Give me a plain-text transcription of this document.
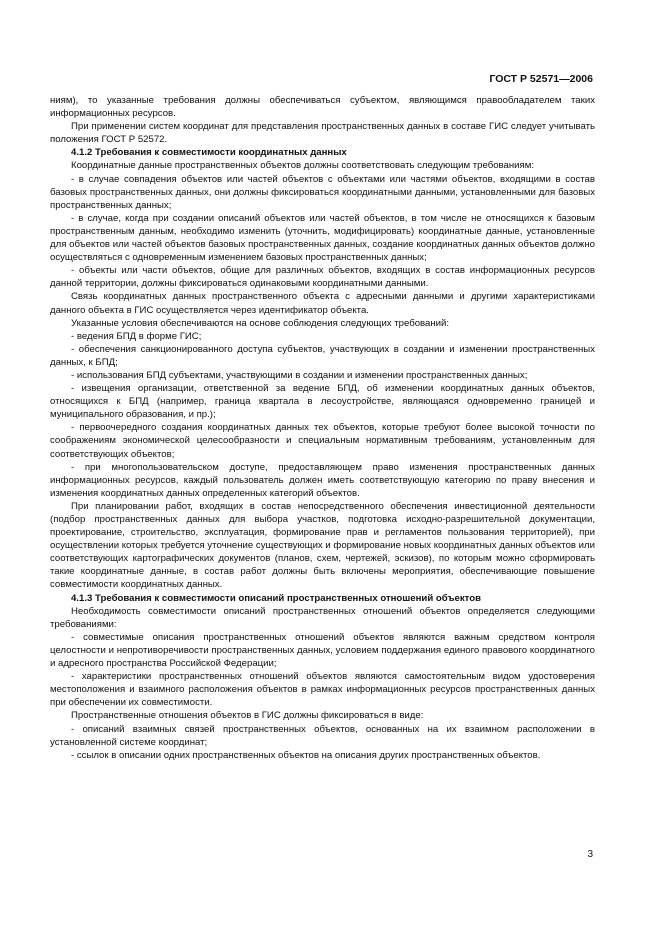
ГОСТ Р 52571—2006

ниям), то указанные требования должны обеспечиваться субъектом, являющимся правообладателем таких информационных ресурсов.

При применении систем координат для представления пространственных данных в составе ГИС следует учитывать положения ГОСТ Р 52572.

4.1.2 Требования к совместимости координатных данных

Координатные данные пространственных объектов должны соответствовать следующим требованиям:

- в случае совпадения объектов или частей объектов с объектами или частями объектов, входящими в состав базовых пространственных данных, они должны фиксироваться координатными данными, установленными для базовых пространственных данных;

- в случае, когда при создании описаний объектов или частей объектов, в том числе не относящихся к базовым пространственным данным, необходимо изменить (уточнить, модифицировать) координатные данные, установленные для объектов или частей объектов базовых пространственных данных, создание координатных данных объектов должно осуществляться с одновременным изменением базовых пространственных данных;

- объекты или части объектов, общие для различных объектов, входящих в состав информационных ресурсов данной территории, должны фиксироваться одинаковыми координатными данными.

Связь координатных данных пространственного объекта с адресными данными и другими характеристиками данного объекта в ГИС осуществляется через идентификатор объекта.

Указанные условия обеспечиваются на основе соблюдения следующих требований:

- ведения БПД в форме ГИС;

- обеспечения санкционированного доступа субъектов, участвующих в создании и изменении пространственных данных, к БПД;

- использования БПД субъектами, участвующими в создании и изменении пространственных данных;

- извещения организации, ответственной за ведение БПД, об изменении координатных данных объектов, относящихся к БПД (например, граница квартала в лесоустройстве, являющаяся одновременно границей и муниципального образования, и пр.);

- первоочередного создания координатных данных тех объектов, которые требуют более высокой точности по соображениям экономической целесообразности и специальным нормативным требованиям, установленным для соответствующих объектов;

- при многопользовательском доступе, предоставляющем право изменения пространственных данных информационных ресурсов, каждый пользователь должен иметь соответствующую категорию по праву внесения и изменения координатных данных определенных категорий объектов.

При планировании работ, входящих в состав непосредственного обеспечения инвестиционной деятельности (подбор пространственных данных для выбора участков, подготовка исходно-разрешительной документации, проектирование, строительство, эксплуатация, формирование прав и регламентов пользования территорией), при осуществлении которых требуется уточнение существующих и формирование новых координатных данных объектов или соответствующих картографических документов (планов, схем, чертежей, эскизов), по которым можно сформировать такие координатные данные, в состав работ должны быть включены мероприятия, обеспечивающие повышение совместимости координатных данных.

4.1.3 Требования к совместимости описаний пространственных отношений объектов

Необходимость совместимости описаний пространственных отношений объектов определяется следующими требованиями:

- совместимые описания пространственных отношений объектов являются важным средством контроля целостности и непротиворечивости пространственных данных, условием поддержания единого правового координатного и адресного пространства Российской Федерации;

- характеристики пространственных отношений объектов являются самостоятельным видом удостоверения местоположения и взаимного расположения объектов в рамках информационных ресурсов пространственных данных при обеспечении их совместимости.

Пространственные отношения объектов в ГИС должны фиксироваться в виде:

- описаний взаимных связей пространственных объектов, основанных на их взаимном расположении в установленной системе координат;

- ссылок в описании одних пространственных объектов на описания других пространственных объектов.

3
